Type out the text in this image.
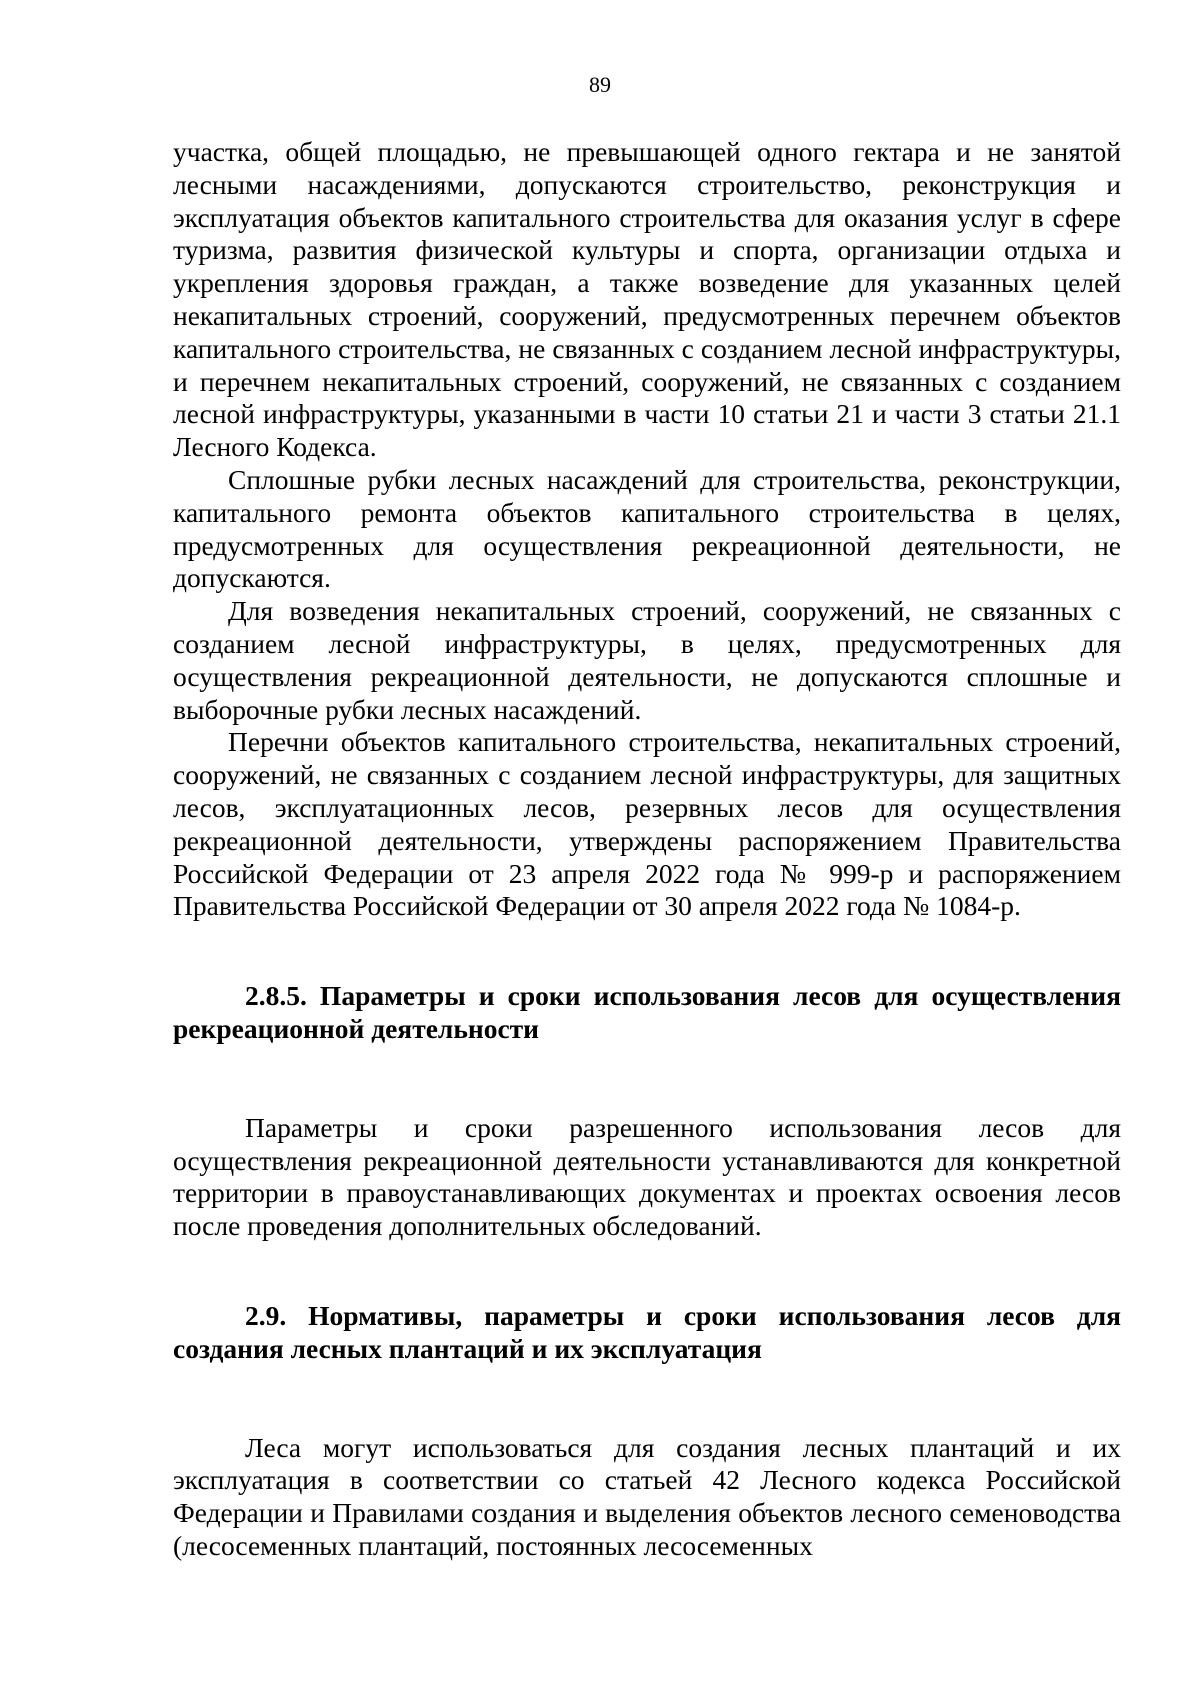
89

участка, общей площадью, не превышающей одного гектара и не занятой лесными насаждениями, допускаются строительство, реконструкция и эксплуатация объектов капитального строительства для оказания услуг в сфере туризма, развития физической культуры и спорта, организации отдыха и укрепления здоровья граждан, а также возведение для указанных целей некапитальных строений, сооружений, предусмотренных перечнем объектов капитального строительства, не связанных с созданием лесной инфраструктуры, и перечнем некапитальных строений, сооружений, не связанных с созданием лесной инфраструктуры, указанными в части 10 статьи 21 и части 3 статьи 21.1 Лесного Кодекса.

Сплошные рубки лесных насаждений для строительства, реконструкции, капитального ремонта объектов капитального строительства в целях, предусмотренных для осуществления рекреационной деятельности, не допускаются.

Для возведения некапитальных строений, сооружений, не связанных с созданием лесной инфраструктуры, в целях, предусмотренных для осуществления рекреационной деятельности, не допускаются сплошные и выборочные рубки лесных насаждений.

Перечни объектов капитального строительства, некапитальных строений, сооружений, не связанных с созданием лесной инфраструктуры, для защитных лесов, эксплуатационных лесов, резервных лесов для осуществления рекреационной деятельности, утверждены распоряжением Правительства Российской Федерации от 23 апреля 2022 года № 999-р и распоряжением Правительства Российской Федерации от 30 апреля 2022 года № 1084-р.

2.8.5. Параметры и сроки использования лесов для осуществления рекреационной деятельности

Параметры и сроки разрешенного использования лесов для осуществления рекреационной деятельности устанавливаются для конкретной территории в правоустанавливающих документах и проектах освоения лесов после проведения дополнительных обследований.

2.9. Нормативы, параметры и сроки использования лесов для создания лесных плантаций и их эксплуатация

Леса могут использоваться для создания лесных плантаций и их эксплуатация в соответствии со статьей 42 Лесного кодекса Российской Федерации и Правилами создания и выделения объектов лесного семеноводства (лесосеменных плантаций, постоянных лесосеменных
